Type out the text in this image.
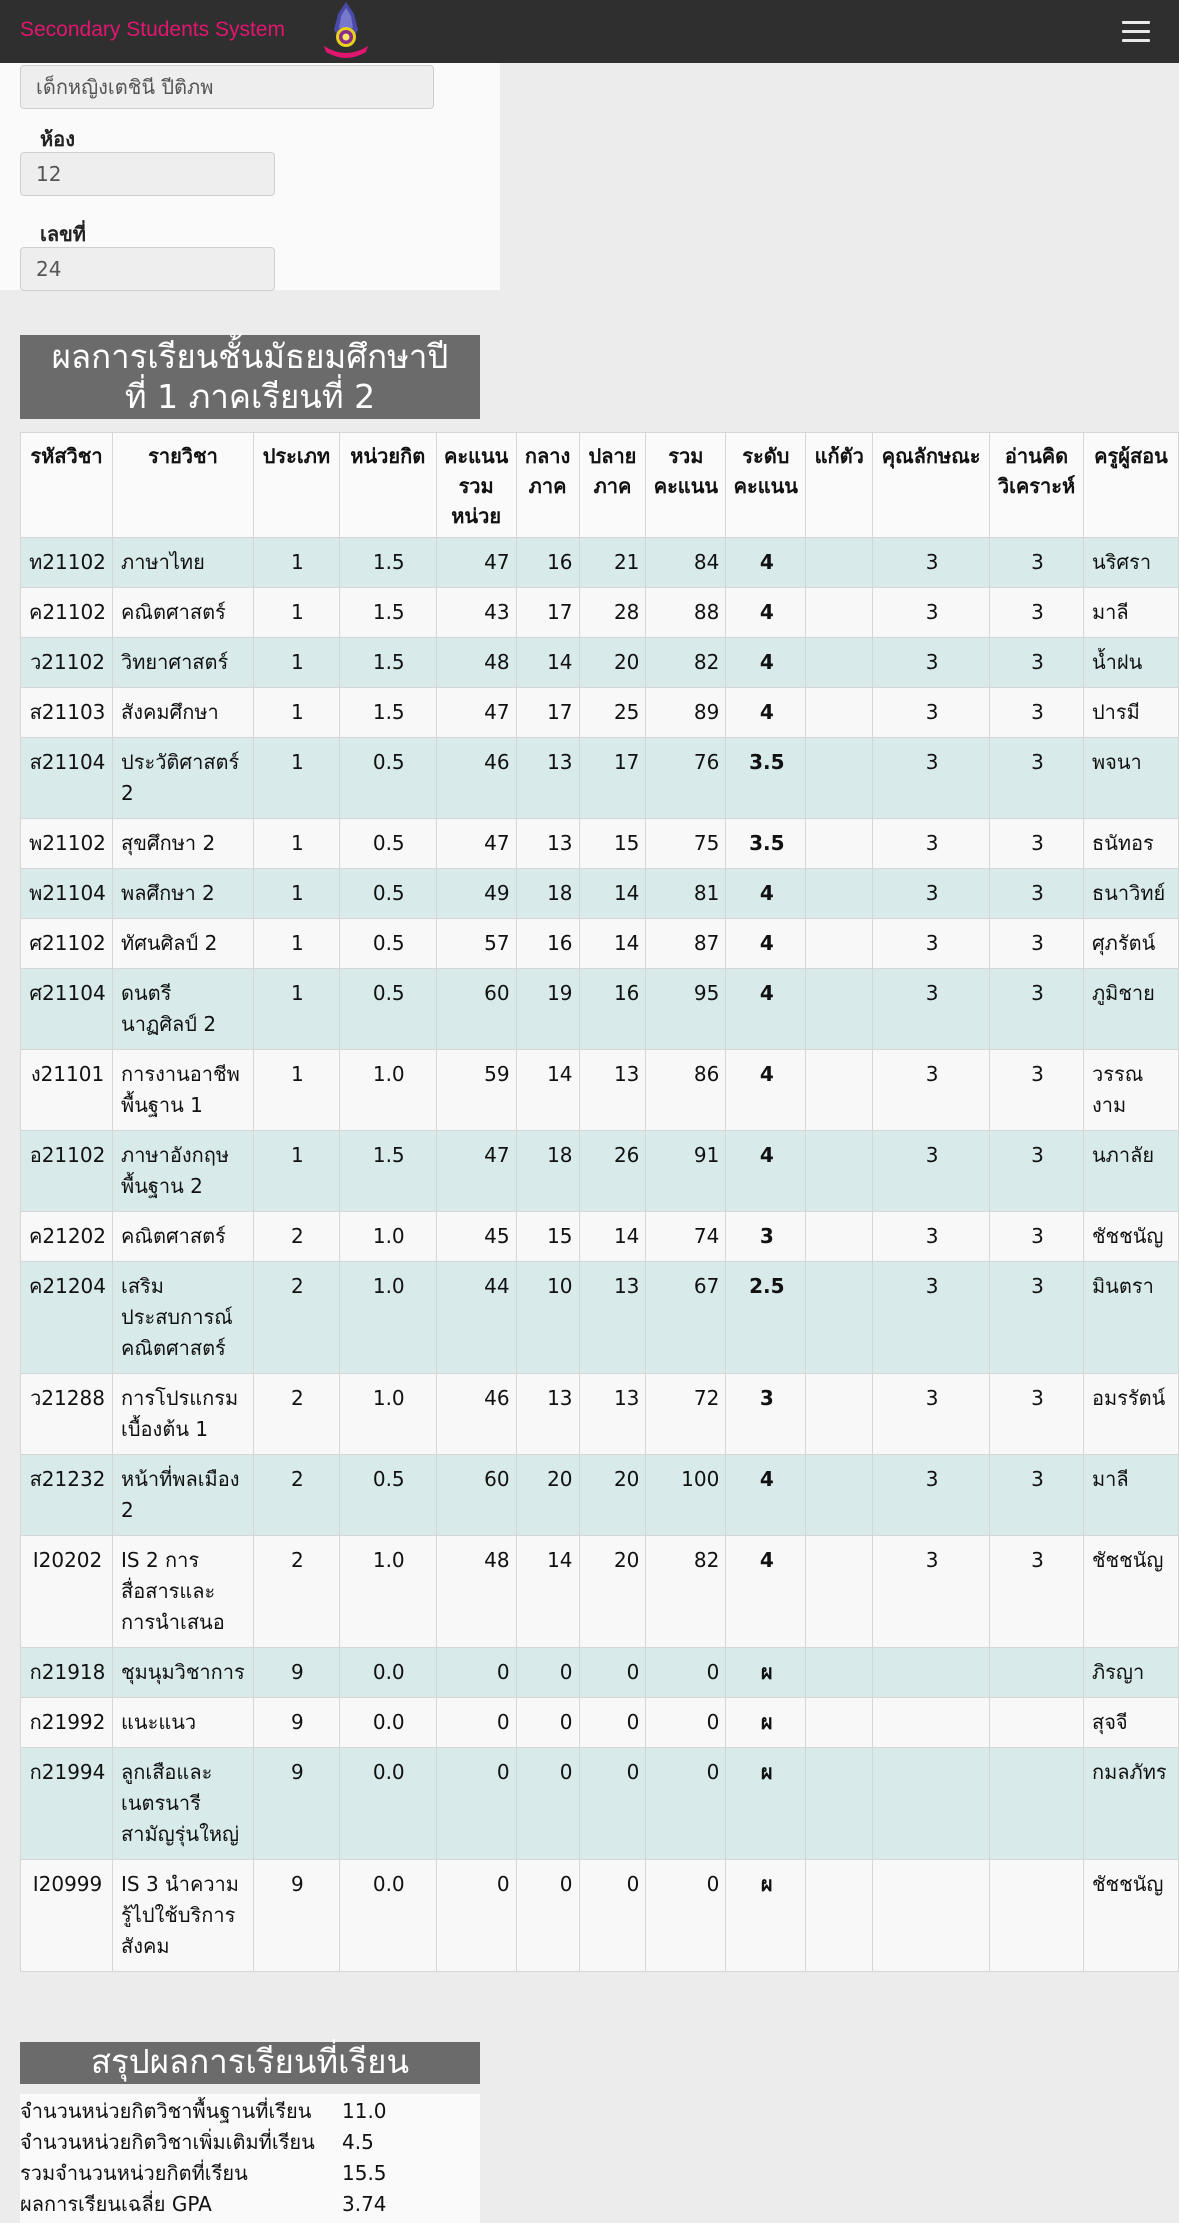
Secondary Students System
เด็กหญิงเตชินี ปีติภพ
ห้อง
12
เลขที่
24
ผลการเรียนชั้นมัธยมศึกษาปี
ที่ 1 ภาคเรียนที่ 2
รหัสวิชา	รายวิชา	ประเภท	หน่วยกิต	คะแนนรวมหน่วย	กลางภาค	ปลายภาค	รวมคะแนน	ระดับคะแนน	แก้ตัว	คุณลักษณะ	อ่านคิดวิเคราะห์	ครูผู้สอน
ท21102	ภาษาไทย	1	1.5	47	16	21	84	4		3	3	นริศรา
ค21102	คณิตศาสตร์	1	1.5	43	17	28	88	4		3	3	มาลี
ว21102	วิทยาศาสตร์	1	1.5	48	14	20	82	4		3	3	น้ำฝน
ส21103	สังคมศึกษา	1	1.5	47	17	25	89	4		3	3	ปารมี
ส21104	ประวัติศาสตร์ 2	1	0.5	46	13	17	76	3.5		3	3	พจนา
พ21102	สุขศึกษา 2	1	0.5	47	13	15	75	3.5		3	3	ธนัทอร
พ21104	พลศึกษา 2	1	0.5	49	18	14	81	4		3	3	ธนาวิทย์
ศ21102	ทัศนศิลป์ 2	1	0.5	57	16	14	87	4		3	3	ศุภรัตน์
ศ21104	ดนตรีนาฏศิลป์ 2	1	0.5	60	19	16	95	4		3	3	ภูมิชาย
ง21101	การงานอาชีพพื้นฐาน 1	1	1.0	59	14	13	86	4		3	3	วรรณงาม
อ21102	ภาษาอังกฤษพื้นฐาน 2	1	1.5	47	18	26	91	4		3	3	นภาลัย
ค21202	คณิตศาสตร์	2	1.0	45	15	14	74	3		3	3	ชัชชนัญ
ค21204	เสริมประสบการณ์คณิตศาสตร์	2	1.0	44	10	13	67	2.5		3	3	มินตรา
ว21288	การโปรแกรมเบื้องต้น 1	2	1.0	46	13	13	72	3		3	3	อมรรัตน์
ส21232	หน้าที่พลเมือง 2	2	0.5	60	20	20	100	4		3	3	มาลี
I20202	IS 2 การสื่อสารและการนำเสนอ	2	1.0	48	14	20	82	4		3	3	ชัชชนัญ
ก21918	ชุมนุมวิชาการ	9	0.0	0	0	0	0	ผ				ภิรญา
ก21992	แนะแนว	9	0.0	0	0	0	0	ผ				สุจจี
ก21994	ลูกเสือและเนตรนารีสามัญรุ่นใหญ่	9	0.0	0	0	0	0	ผ				กมลภัทร
I20999	IS 3 นำความรู้ไปใช้บริการสังคม	9	0.0	0	0	0	0	ผ				ชัชชนัญ
สรุปผลการเรียนที่เรียน
จำนวนหน่วยกิตวิชาพื้นฐานที่เรียน 11.0
จำนวนหน่วยกิตวิชาเพิ่มเติมที่เรียน 4.5
รวมจำนวนหน่วยกิตที่เรียน	15.5
ผลการเรียนเฉลี่ย GPA	3.74
